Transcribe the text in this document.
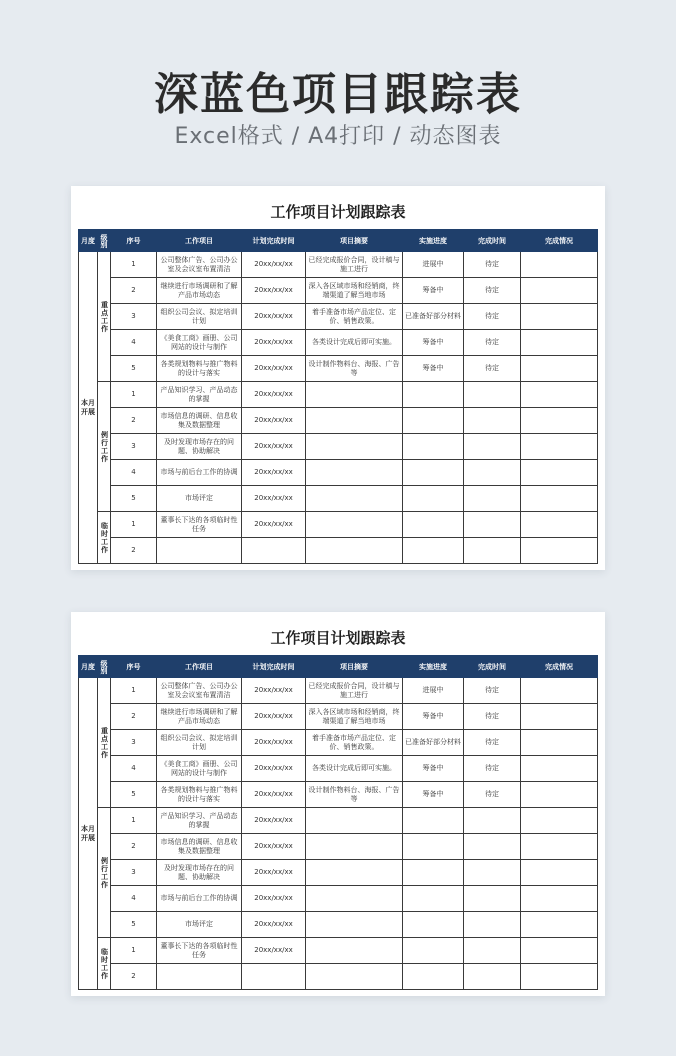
深蓝色项目跟踪表
Excel格式 / A4打印 / 动态图表
工作项目计划跟踪表
月度	级别	序号	工作项目	计划完成时间	项目摘要	实施进度	完成时间	完成情况
本月开展	重点工作	1	公司整体广告、公司办公室及会议室布置清洁	20xx/xx/xx	已经完成报价合同，设计稿与施工进行	进展中	待定	
		2	继续进行市场调研和了解产品市场动态	20xx/xx/xx	深入各区域市场和经销商，终端渠道了解当地市场	筹备中	待定	
		3	组织公司会议、拟定培训计划	20xx/xx/xx	着手准备市场产品定位、定价、销售政策。	已准备好部分材料	待定	
		4	《美食工商》画册、公司网站的设计与制作	20xx/xx/xx	各类设计完成后即可实施。	筹备中	待定	
		5	各类规划物料与推广物料的设计与落实	20xx/xx/xx	设计制作物料台、海报、广告等	筹备中	待定	
	例行工作	1	产品知识学习、产品动态的掌握	20xx/xx/xx				
		2	市场信息的调研、信息收集及数据整理	20xx/xx/xx				
		3	及时发现市场存在的问题、协助解决	20xx/xx/xx				
		4	市场与前后台工作的协调	20xx/xx/xx				
		5	市场评定	20xx/xx/xx				
	临时工作	1	董事长下达的各项临时性任务	20xx/xx/xx				
		2						
工作项目计划跟踪表
月度	级别	序号	工作项目	计划完成时间	项目摘要	实施进度	完成时间	完成情况
本月开展	重点工作	1	公司整体广告、公司办公室及会议室布置清洁	20xx/xx/xx	已经完成报价合同，设计稿与施工进行	进展中	待定	
		2	继续进行市场调研和了解产品市场动态	20xx/xx/xx	深入各区域市场和经销商，终端渠道了解当地市场	筹备中	待定	
		3	组织公司会议、拟定培训计划	20xx/xx/xx	着手准备市场产品定位、定价、销售政策。	已准备好部分材料	待定	
		4	《美食工商》画册、公司网站的设计与制作	20xx/xx/xx	各类设计完成后即可实施。	筹备中	待定	
		5	各类规划物料与推广物料的设计与落实	20xx/xx/xx	设计制作物料台、海报、广告等	筹备中	待定	
	例行工作	1	产品知识学习、产品动态的掌握	20xx/xx/xx				
		2	市场信息的调研、信息收集及数据整理	20xx/xx/xx				
		3	及时发现市场存在的问题、协助解决	20xx/xx/xx				
		4	市场与前后台工作的协调	20xx/xx/xx				
		5	市场评定	20xx/xx/xx				
	临时工作	1	董事长下达的各项临时性任务	20xx/xx/xx				
		2						
